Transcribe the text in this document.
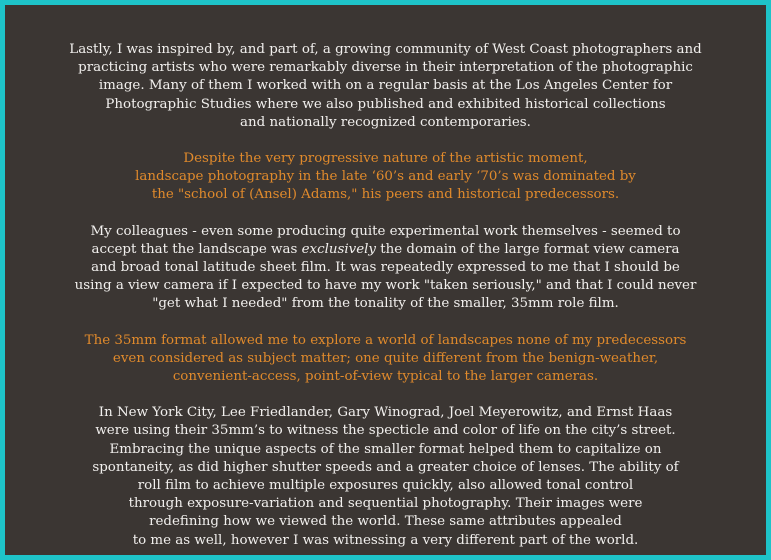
Lastly, I was inspired by, and part of, a growing community of West Coast photographers and
practicing artists who were remarkably diverse in their interpretation of the photographic
image. Many of them I worked with on a regular basis at the Los Angeles Center for
Photographic Studies where we also published and exhibited historical collections
and nationally recognized contemporaries.

Despite the very progressive nature of the artistic moment,
landscape photography in the late ‘60’s and early ‘70’s was dominated by
the "school of (Ansel) Adams," his peers and historical predecessors.

My colleagues - even some producing quite experimental work themselves - seemed to
accept that the landscape was exclusively the domain of the large format view camera
and broad tonal latitude sheet film. It was repeatedly expressed to me that I should be
using a view camera if I expected to have my work "taken seriously," and that I could never
"get what I needed" from the tonality of the smaller, 35mm role film.

The 35mm format allowed me to explore a world of landscapes none of my predecessors
even considered as subject matter; one quite different from the benign-weather,
convenient-access, point-of-view typical to the larger cameras.

In New York City, Lee Friedlander, Gary Winograd, Joel Meyerowitz, and Ernst Haas
were using their 35mm’s to witness the specticle and color of life on the city’s street.
Embracing the unique aspects of the smaller format helped them to capitalize on
spontaneity, as did higher shutter speeds and a greater choice of lenses. The ability of
roll film to achieve multiple exposures quickly, also allowed tonal control
through exposure-variation and sequential photography. Their images were
redefining how we viewed the world. These same attributes appealed
to me as well, however I was witnessing a very different part of the world.
